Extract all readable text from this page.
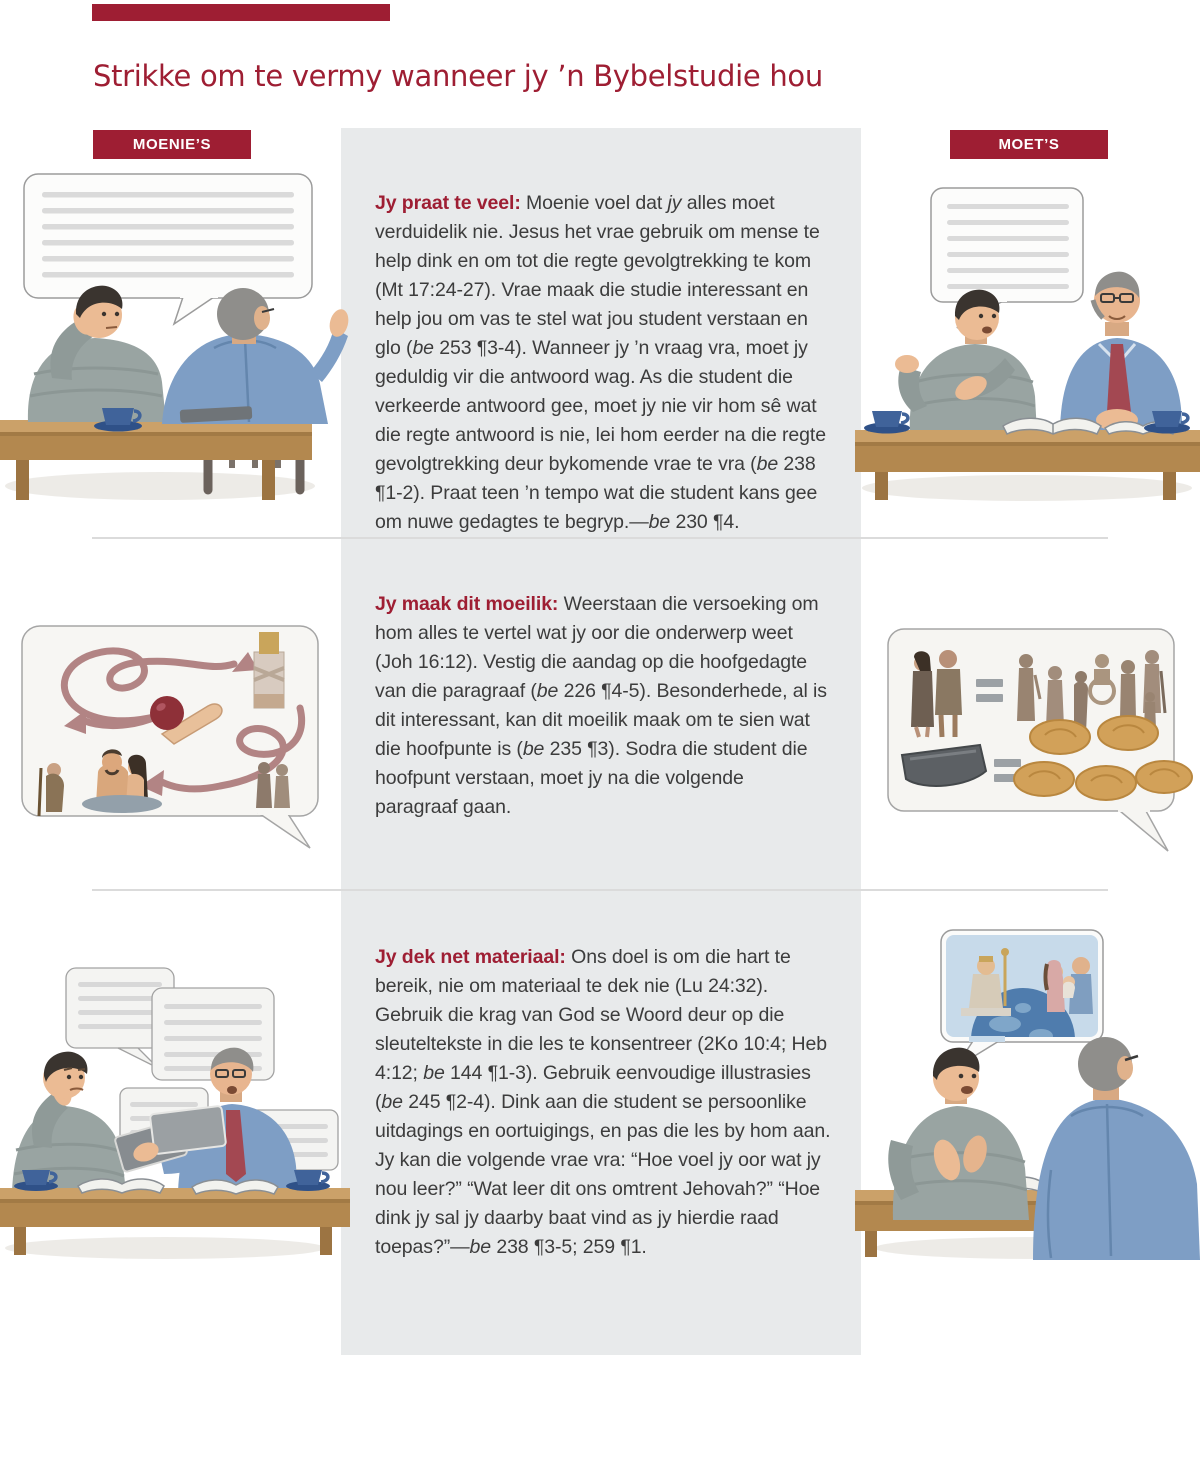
Strikke om te vermy wanneer jy ’n Bybelstudie hou
MOENIE’S	MOET’S

Jy praat te veel: Moenie voel dat jy alles moet verduidelik nie. Jesus het vrae gebruik om mense te help dink en om tot die regte gevolgtrekking te kom (Mt 17:24-27). Vrae maak die studie interessant en help jou om vas te stel wat jou student verstaan en glo (be 253 ¶3-4). Wanneer jy ’n vraag vra, moet jy geduldig vir die antwoord wag. As die student die verkeerde antwoord gee, moet jy nie vir hom sê wat die regte antwoord is nie, lei hom eerder na die regte gevolgtrekking deur bykomende vrae te vra (be 238 ¶1-2). Praat teen ’n tempo wat die student kans gee om nuwe gedagtes te begryp.—be 230 ¶4.

Jy maak dit moeilik: Weerstaan die versoeking om hom alles te vertel wat jy oor die onderwerp weet (Joh 16:12). Vestig die aandag op die hoofgedagte van die paragraaf (be 226 ¶4-5). Besonderhede, al is dit interessant, kan dit moeilik maak om te sien wat die hoofpunte is (be 235 ¶3). Sodra die student die hoofpunt verstaan, moet jy na die volgende paragraaf gaan.

Jy dek net materiaal: Ons doel is om die hart te bereik, nie om materiaal te dek nie (Lu 24:32). Gebruik die krag van God se Woord deur op die sleuteltekste in die les te konsentreer (2Ko 10:4; Heb 4:12; be 144 ¶1-3). Gebruik eenvoudige illustrasies (be 245 ¶2-4). Dink aan die student se persoonlike uitdagings en oortuigings, en pas die les by hom aan. Jy kan die volgende vrae vra: “Hoe voel jy oor wat jy nou leer?” “Wat leer dit ons omtrent Jehovah?” “Hoe dink jy sal jy daarby baat vind as jy hierdie raad toepas?”—be 238 ¶3-5; 259 ¶1.
